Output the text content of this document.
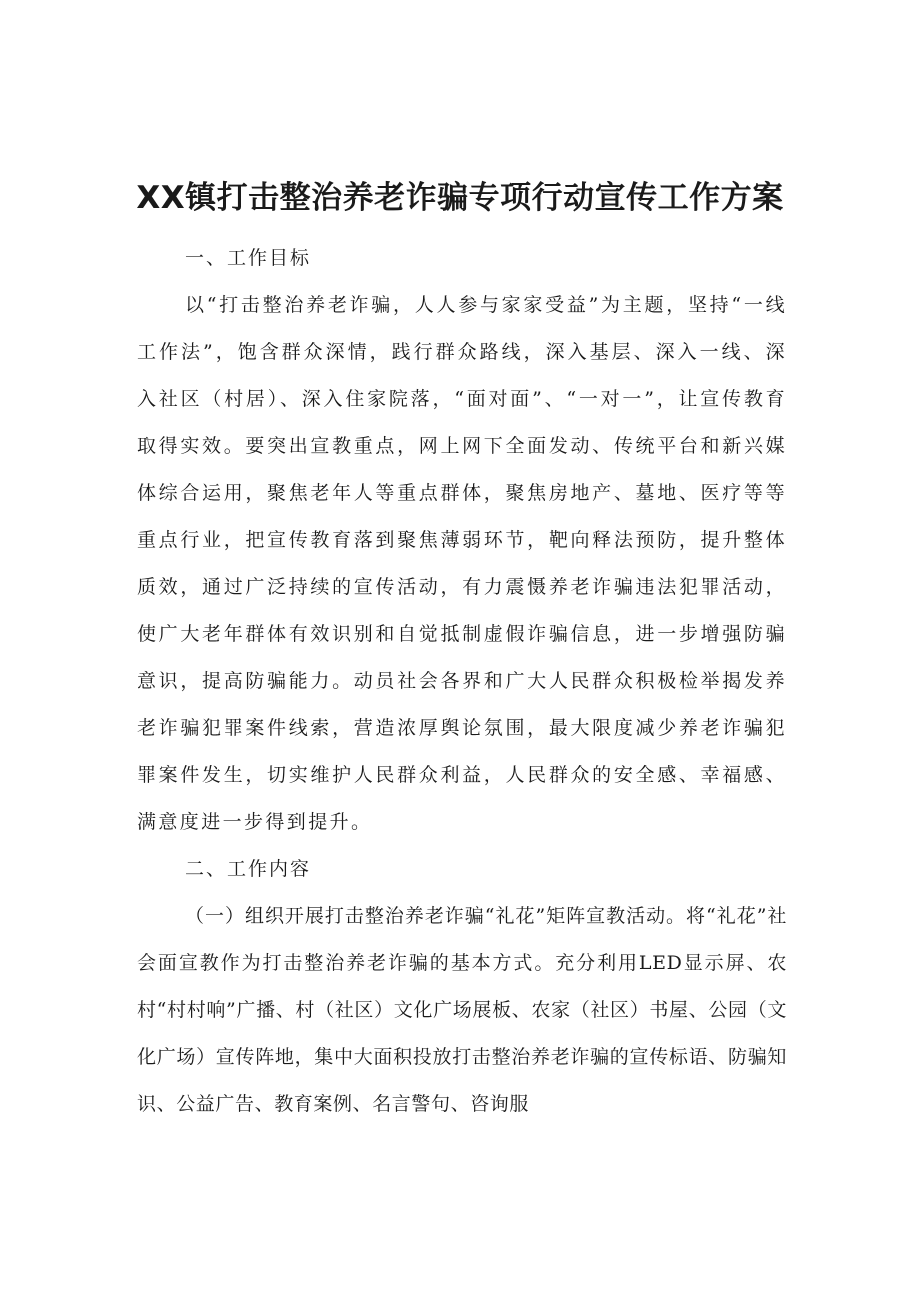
XX镇打击整治养老诈骗专项行动宣传工作方案
一、工作目标

以“打击整治养老诈骗，人人参与家家受益”为主题，坚持“一线工作法”，饱含群众深情，践行群众路线，深入基层、深入一线、深入社区（村居）、深入住家院落，“面对面”、“一对一”，让宣传教育取得实效。要突出宣教重点，网上网下全面发动、传统平台和新兴媒体综合运用，聚焦老年人等重点群体，聚焦房地产、墓地、医疗等等重点行业，把宣传教育落到聚焦薄弱环节，靶向释法预防，提升整体质效，通过广泛持续的宣传活动，有力震慑养老诈骗违法犯罪活动，使广大老年群体有效识别和自觉抵制虚假诈骗信息，进一步增强防骗意识，提高防骗能力。动员社会各界和广大人民群众积极检举揭发养老诈骗犯罪案件线索，营造浓厚舆论氛围，最大限度减少养老诈骗犯罪案件发生，切实维护人民群众利益，人民群众的安全感、幸福感、满意度进一步得到提升。

二、工作内容

（一）组织开展打击整治养老诈骗“礼花”矩阵宣教活动。将“礼花”社会面宣教作为打击整治养老诈骗的基本方式。充分利用LED显示屏、农村“村村响”广播、村（社区）文化广场展板、农家（社区）书屋、公园（文化广场）宣传阵地，集中大面积投放打击整治养老诈骗的宣传标语、防骗知识、公益广告、教育案例、名言警句、咨询服
